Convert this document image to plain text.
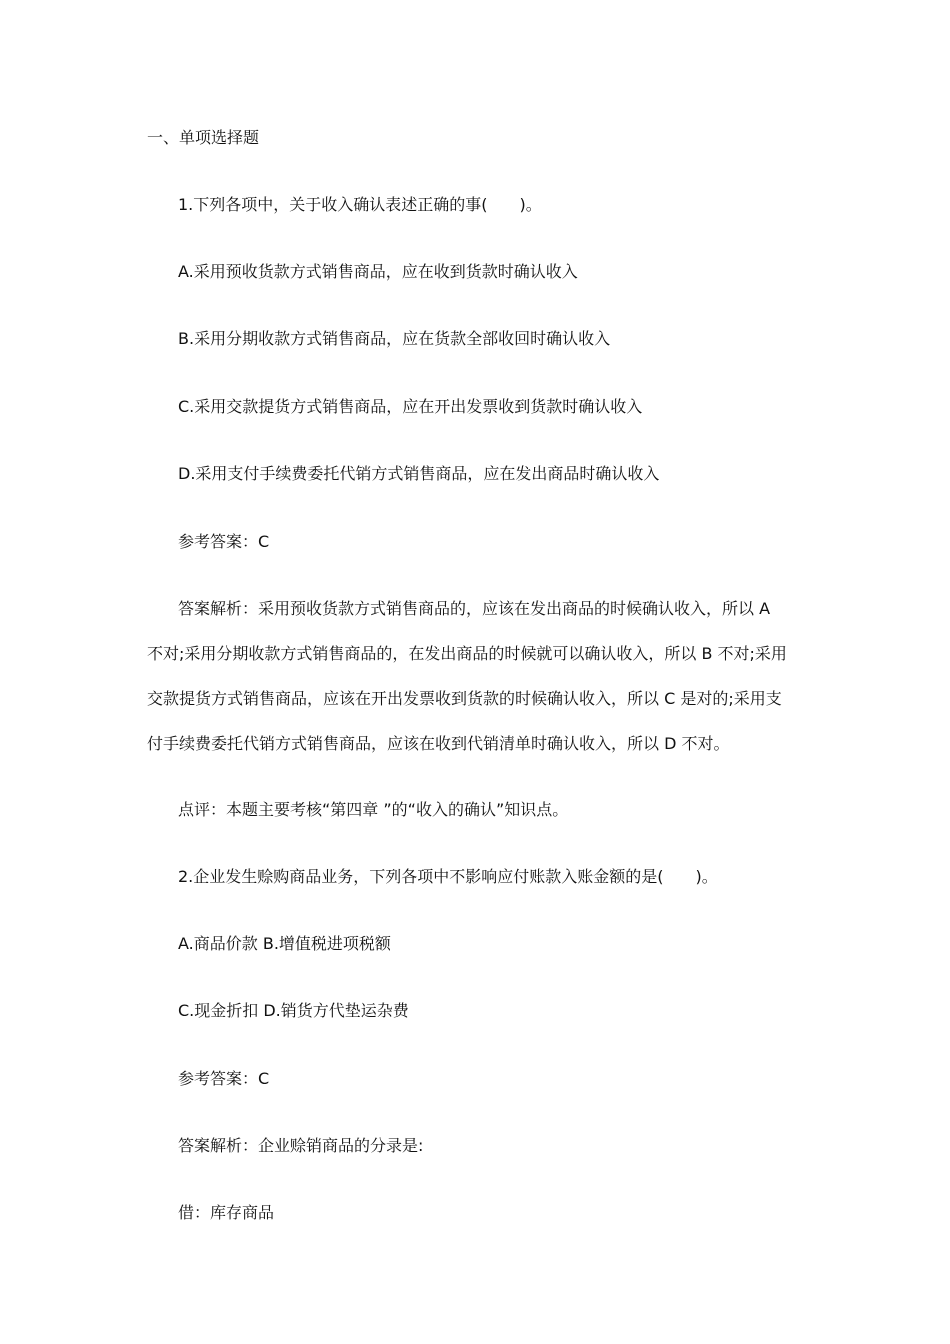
一、单项选择题
1.下列各项中，关于收入确认表述正确的事(　　)。
A.采用预收货款方式销售商品，应在收到货款时确认收入
B.采用分期收款方式销售商品，应在货款全部收回时确认收入
C.采用交款提货方式销售商品，应在开出发票收到货款时确认收入
D.采用支付手续费委托代销方式销售商品，应在发出商品时确认收入
参考答案：C
答案解析：采用预收货款方式销售商品的，应该在发出商品的时候确认收入，所以 A
不对;采用分期收款方式销售商品的，在发出商品的时候就可以确认收入，所以 B 不对;采用
交款提货方式销售商品，应该在开出发票收到货款的时候确认收入，所以 C 是对的;采用支
付手续费委托代销方式销售商品，应该在收到代销清单时确认收入，所以 D 不对。
点评：本题主要考核“第四章 ”的“收入的确认”知识点。
2.企业发生赊购商品业务，下列各项中不影响应付账款入账金额的是(　　)。
A.商品价款 B.增值税进项税额
C.现金折扣 D.销货方代垫运杂费
参考答案：C
答案解析：企业赊销商品的分录是:
借：库存商品
